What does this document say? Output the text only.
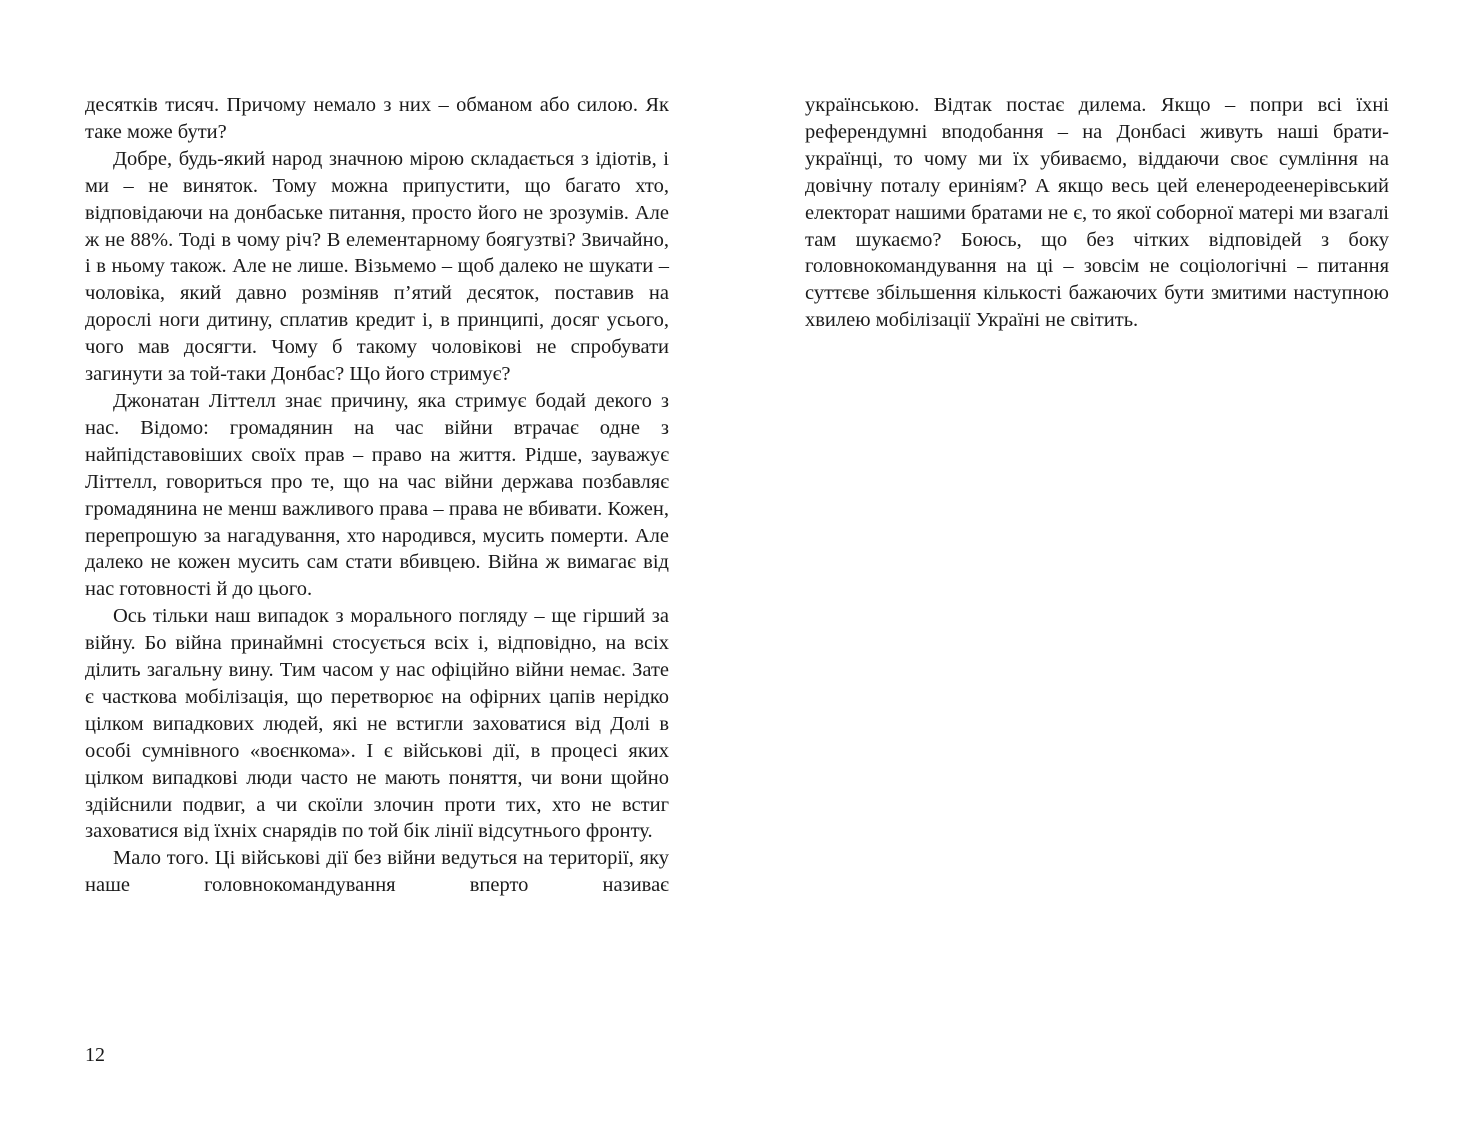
десятків тисяч. Причому немало з них – обманом або силою. Як таке може бути?

Добре, будь-який народ значною мірою складається з ідіотів, і ми – не виняток. Тому можна припустити, що багато хто, відповідаючи на донбаське питання, просто його не зрозумів. Але ж не 88%. Тоді в чому річ? В елементарному боягузтві? Звичайно, і в ньому також. Але не лише. Візьмемо – щоб далеко не шукати – чоловіка, який давно розміняв п’ятий десяток, поставив на дорослі ноги дитину, сплатив кредит і, в принципі, досяг усього, чого мав досягти. Чому б такому чоловікові не спробувати загинути за той-таки Донбас? Що його стримує?

Джонатан Літтелл знає причину, яка стримує бодай декого з нас. Відомо: громадянин на час війни втрачає одне з найпідставовіших своїх прав – право на життя. Рідше, зауважує Літтелл, говориться про те, що на час війни держава позбавляє громадянина не менш важливого права – права не вбивати. Кожен, перепрошую за нагадування, хто народився, мусить померти. Але далеко не кожен мусить сам стати вбивцею. Війна ж вимагає від нас готовності й до цього.

Ось тільки наш випадок з морального погляду – ще гірший за війну. Бо війна принаймні стосується всіх і, відповідно, на всіх ділить загальну вину. Тим часом у нас офіційно війни немає. Зате є часткова мобілізація, що перетворює на офірних цапів нерідко цілком випадкових людей, які не встигли заховатися від Долі в особі сумнівного «воєнкома». І є військові дії, в процесі яких цілком випадкові люди часто не мають поняття, чи вони щойно здійснили подвиг, а чи скоїли злочин проти тих, хто не встиг заховатися від їхніх снарядів по той бік лінії відсутнього фронту.

Мало того. Ці військові дії без війни ведуться на території, яку наше головнокомандування вперто називає

українською. Відтак постає дилема. Якщо – попри всі їхні референдумні вподобання – на Донбасі живуть наші брати-українці, то чому ми їх убиваємо, віддаючи своє сумління на довічну поталу ериніям? А якщо весь цей еленеродеенерівський електорат нашими братами не є, то якої соборної матері ми взагалі там шукаємо? Боюсь, що без чітких відповідей з боку головнокомандування на ці – зовсім не соціологічні – питання суттєве збільшення кількості бажаючих бути змитими наступною хвилею мобілізації Україні не світить.

12
